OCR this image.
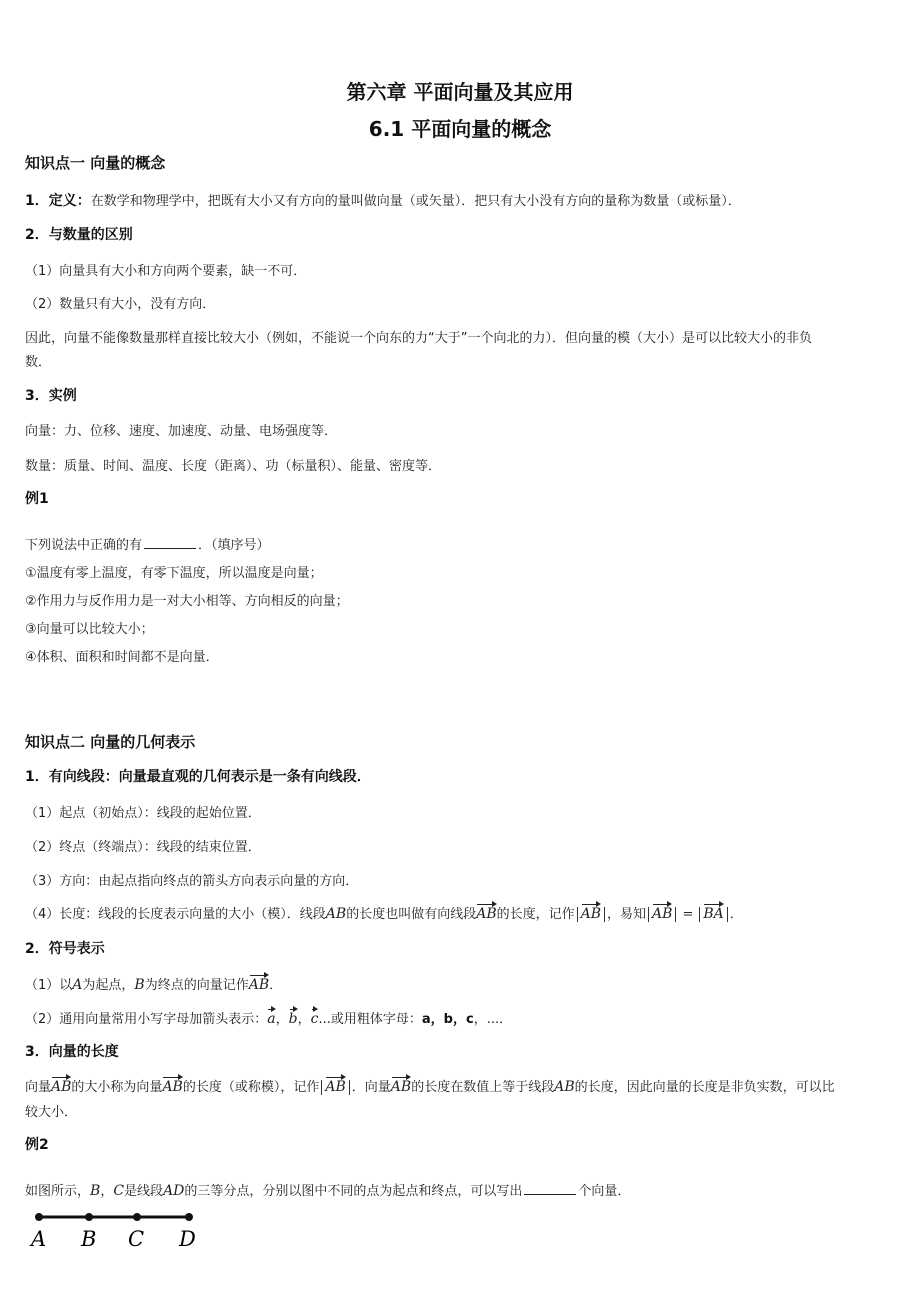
第六章 平面向量及其应用
6.1 平面向量的概念
知识点一 向量的概念
1．定义：在数学和物理学中，把既有大小又有方向的量叫做向量（或矢量）．把只有大小没有方向的量称为数量（或标量）．
2．与数量的区别
（1）向量具有大小和方向两个要素，缺一不可．
（2）数量只有大小，没有方向．
因此，向量不能像数量那样直接比较大小（例如，不能说一个向东的力“大于”一个向北的力）．但向量的模（大小）是可以比较大小的非负
数．
3．实例
向量：力、位移、速度、加速度、动量、电场强度等．
数量：质量、时间、温度、长度（距离）、功（标量积）、能量、密度等．
例1
下列说法中正确的有	．（填序号）
①温度有零上温度，有零下温度，所以温度是向量；
②作用力与反作用力是一对大小相等、方向相反的向量；
③向量可以比较大小；
④体积、面积和时间都不是向量．
知识点二 向量的几何表示
1．有向线段：向量最直观的几何表示是一条有向线段．
（1）起点（初始点）：线段的起始位置．
（2）终点（终端点）：线段的结束位置．
（3）方向：由起点指向终点的箭头方向表示向量的方向．
（4）长度：线段的长度表示向量的大小（模）．线段AB的长度也叫做有向线段AB的长度，记作 AB ，易知 AB = BA ．
2．符号表示
（1）以A为起点，B为终点的向量记作AB．
（2）通用向量常用小写字母加箭头表示：a，b，c...或用粗体字母：a，b，c，...．
3．向量的长度
向量AB的大小称为向量AB的长度（或称模），记作 AB ．向量AB的长度在数值上等于线段AB的长度，因此向量的长度是非负实数，可以比
较大小．
例2
如图所示，B，C是线段AD的三等分点，分别以图中不同的点为起点和终点，可以写出	个向量．
A B C D
